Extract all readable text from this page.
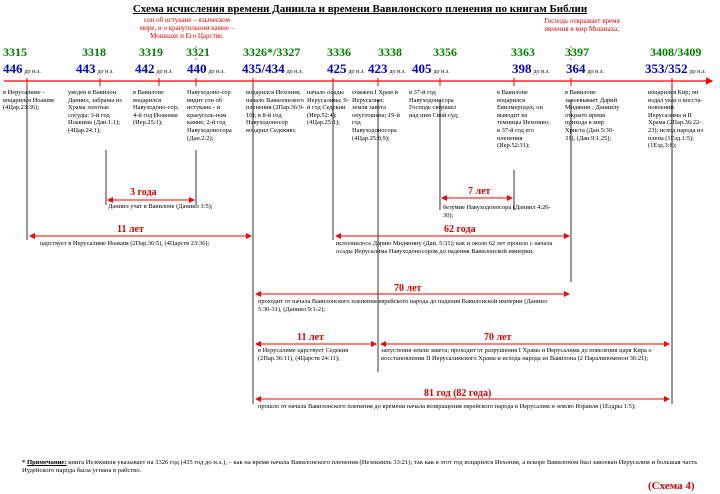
Схема исчисления времени Даниила и времени Вавилонского пленения по книгам Библии
сон об истукане – языческом мире, и о краеугольном камне – Мошиахе и Его Царстве.
Господь открывает время явления в мир Мошиаха;
3315	3318	3319 3321	3326*/3327 3336 3338	3356	3363	3397	3408/3409
446 до н.э.	443 до н.э. 442 до н.э. 440 до н.э. 435/434 до н.э. 425 до н.э. 423 до н.э. 405 до н.э.	398 до н.э. 364 до н.э.	353/352 до н.э.
в Иерусалиме - воцарился Иоаким (4Цар.23:36);
уведен в Вавилон Даниил, забраны из Храма золотые сосуды; 3-й год Иоакима (Дан.1:1); (4Цар.24:1);
в Вавилоне воцарился Навуходоно-сор; 4-й год Иоакима (Иер.25:1);
Навуходоно-сор видит сон об истукане - и краеуголь-ном камне; 2-й год Навуходоносора (Дан.2:2);
воцарился Иехония; начало Вавилонского пленения (2Пар.36:9-10); в 8-й год Навуходоносор воцарил Седекию;
начало осады Иерусалима; 9-й год Седекии (Иер.52:4); (4Цар.25:1);
сожжен I Храм и Иерусалим; земля завета опустошена; 19-й год Навуходоносора (4Цар.25:8,9);
в 37-й год Навуходоносора Господь свершил над ним Свой суд;
в Вавилоне воцарился Евилмеродах; он выводит из темницы Иехонию; в 37-й год его пленения (Иер.52:31);
в Вавилоне завоевывает Дарий Мидянин ; Даниилу открыто время прихода в мир Христа (Дан.5:30-31), (Дан.9:1,25);
воцарился Кир; он издал указ о восста-новлении Иерусалима и II Храма (2Пар.36:22-23); исход народа из плена (1Езд.1:5); (1Езд.3:8);
3 года
Даниил учат в Вавилоне (Даниил 1:5);
7 лет
безумие Навуходоносора (Даниил 4:26-30);
11 лет
царствует в Иерусалиме Иоаким (2Пар.36:5), (4Царств 23:36);
62 года
исполнилось Дарию Мидянину (Дан. 5:31); как и около 62 лет прошло с начала осады Иерусалима Навуходоносором до падения Вавилонской империи;
70 лет
проходит от начала Вавилонского пленения еврейского народа до падения Вавилонской империи (Даниил 5:30-31), (Даниил 9:1-2);
11 лет
в Иерусалиме царствует Седекия (2Пар.36:11), (4Царств 24:11);
70 лет
запустения земли завета; проходит от разрушения I Храма и Иерусалима до повеления царя Кира о восстановлении II Иерусалимского Храма и исхода народа из Вавилона (2 Паралипоменон 36:21);
81 год (82 года)
прошло от начала Вавилонского пленения до времени начала возвращения еврейского народа в Иерусалим и землю Израиля (1Ездры 1:5);
* Примечание: книга Иезекииля указывает на 3326 год (435 год до н.э.), – как на время начала Вавилонского пленения (Иезекииль 33:21); так как в этот год воцарился Иехония, а вскоре Вавилоном был завоеван Иерусалим и большая часть Иудейского народа была угнана в рабство.
(Схема 4)
